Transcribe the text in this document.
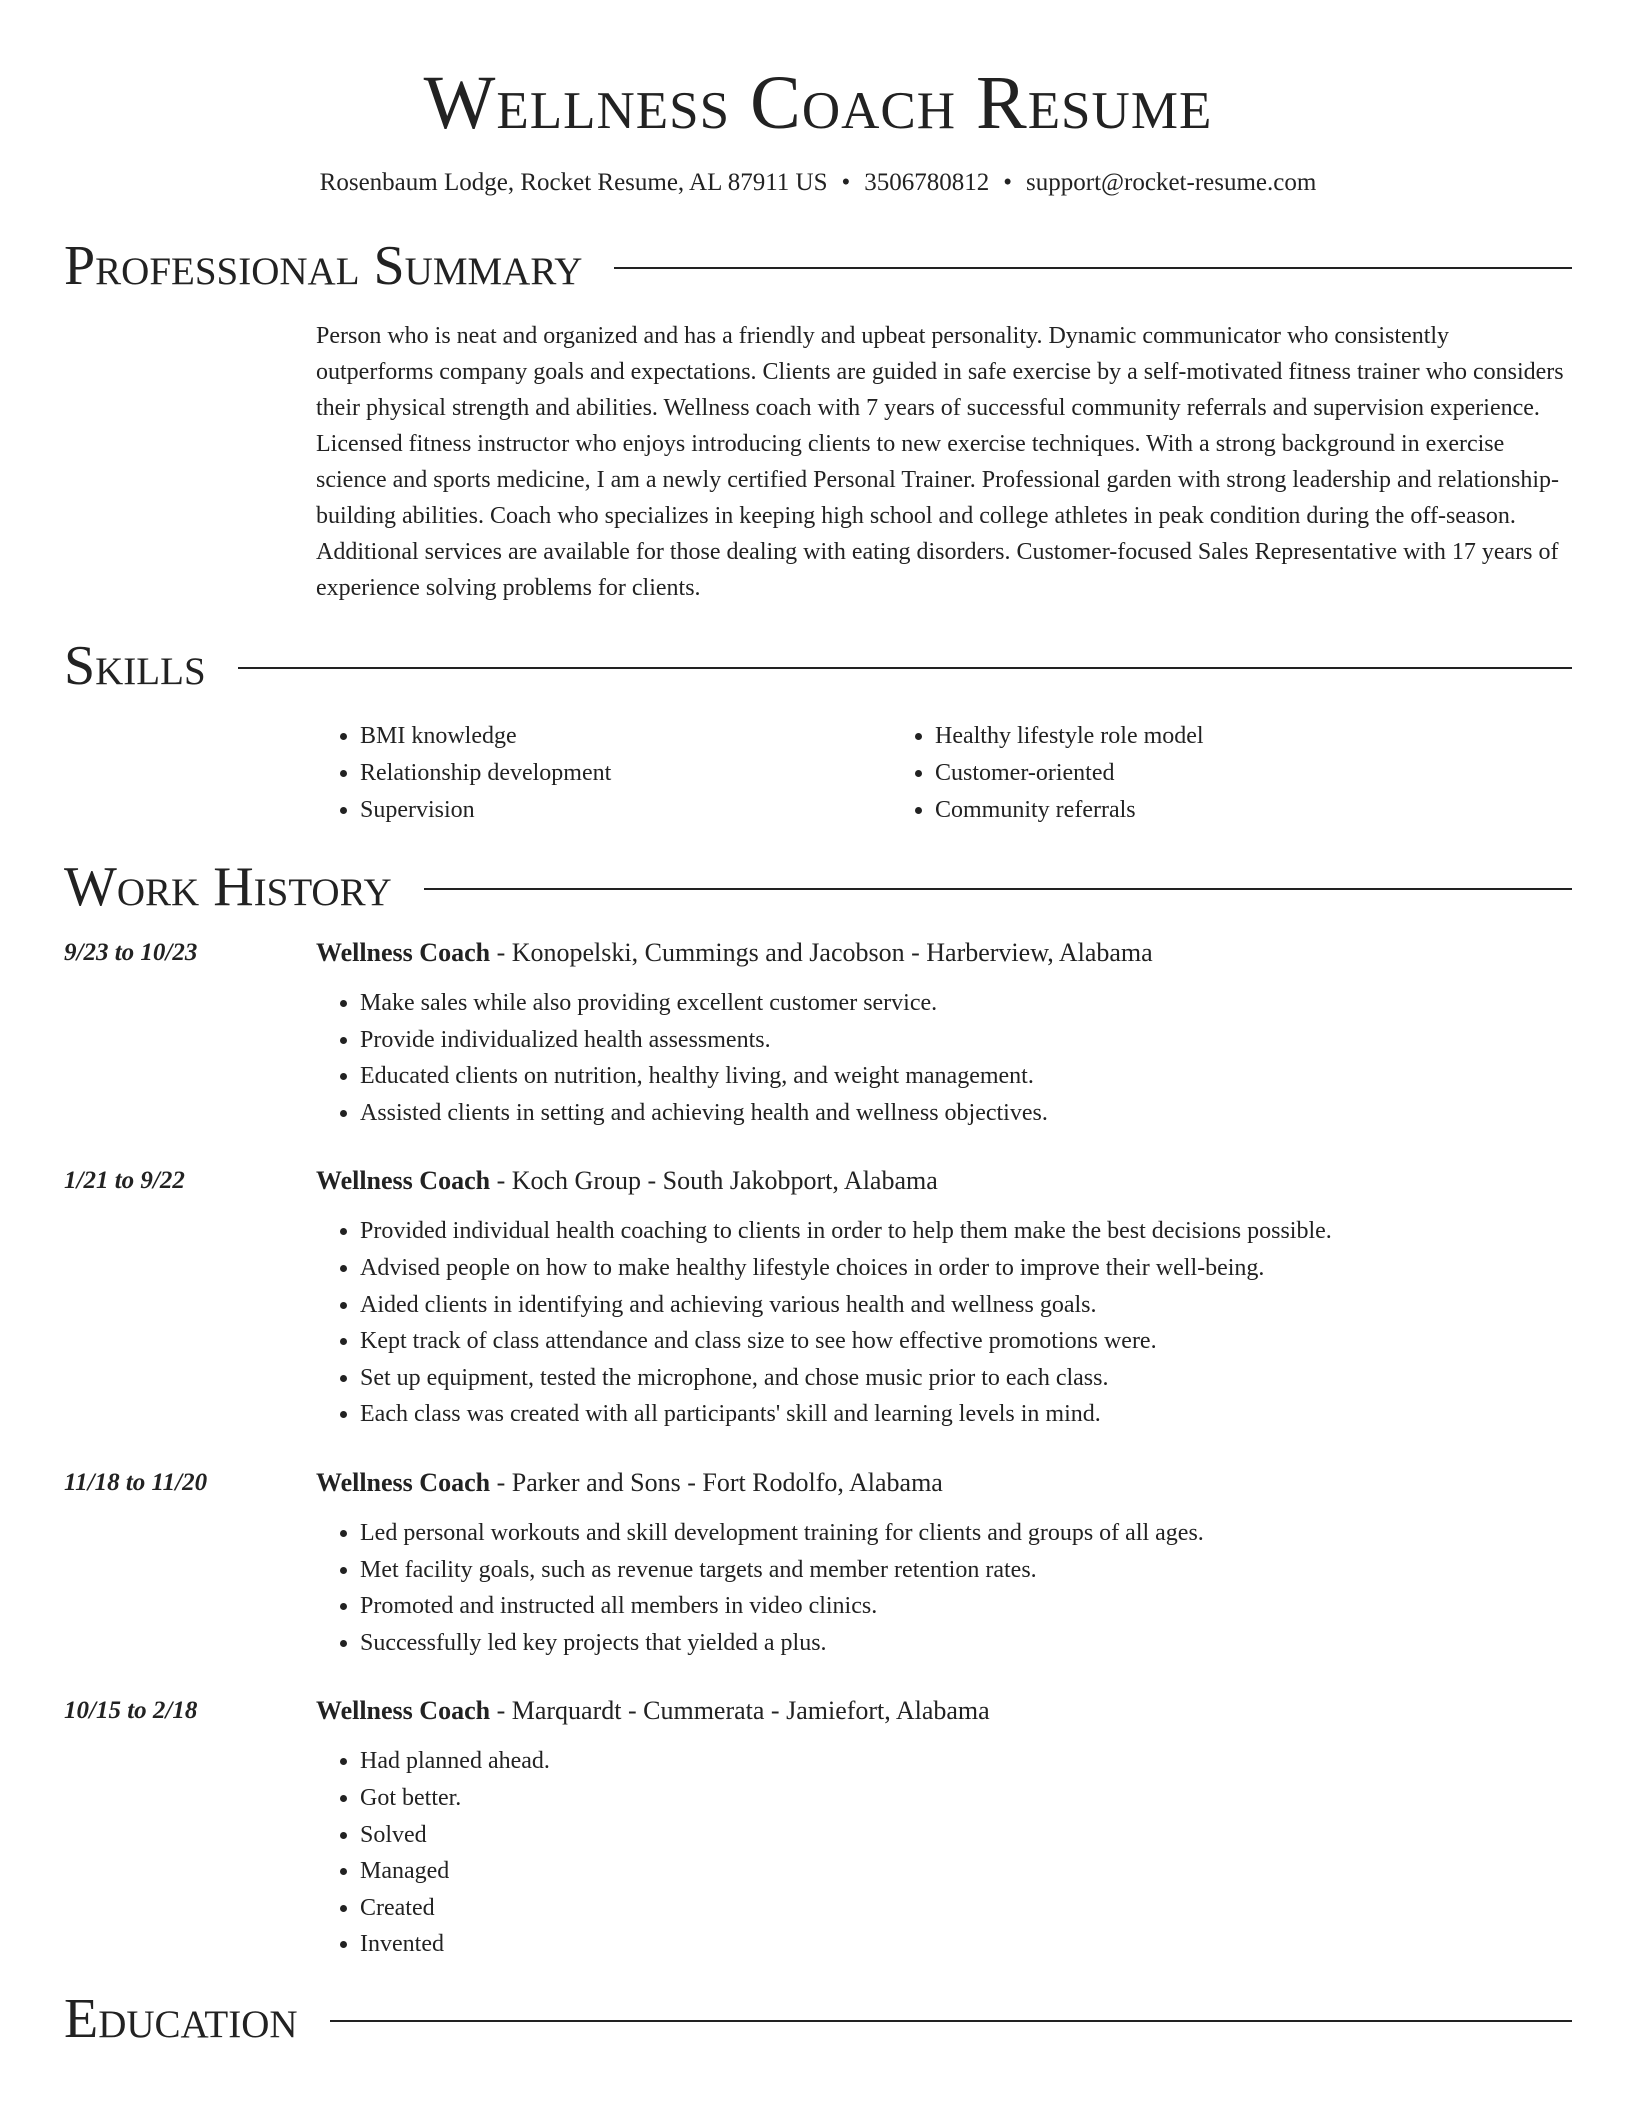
Wellness Coach Resume
Rosenbaum Lodge, Rocket Resume, AL 87911 US • 3506780812 • support@rocket-resume.com
Professional Summary
Person who is neat and organized and has a friendly and upbeat personality. Dynamic communicator who consistently outperforms company goals and expectations. Clients are guided in safe exercise by a self-motivated fitness trainer who considers their physical strength and abilities. Wellness coach with 7 years of successful community referrals and supervision experience. Licensed fitness instructor who enjoys introducing clients to new exercise techniques. With a strong background in exercise science and sports medicine, I am a newly certified Personal Trainer. Professional garden with strong leadership and relationship-building abilities. Coach who specializes in keeping high school and college athletes in peak condition during the off-season. Additional services are available for those dealing with eating disorders. Customer-focused Sales Representative with 17 years of experience solving problems for clients.
Skills
• BMI knowledge
• Relationship development
• Supervision
• Healthy lifestyle role model
• Customer-oriented
• Community referrals
Work History
9/23 to 10/23	Wellness Coach - Konopelski, Cummings and Jacobson - Harberview, Alabama
• Make sales while also providing excellent customer service.
• Provide individualized health assessments.
• Educated clients on nutrition, healthy living, and weight management.
• Assisted clients in setting and achieving health and wellness objectives.
1/21 to 9/22	Wellness Coach - Koch Group - South Jakobport, Alabama
• Provided individual health coaching to clients in order to help them make the best decisions possible.
• Advised people on how to make healthy lifestyle choices in order to improve their well-being.
• Aided clients in identifying and achieving various health and wellness goals.
• Kept track of class attendance and class size to see how effective promotions were.
• Set up equipment, tested the microphone, and chose music prior to each class.
• Each class was created with all participants' skill and learning levels in mind.
11/18 to 11/20	Wellness Coach - Parker and Sons - Fort Rodolfo, Alabama
• Led personal workouts and skill development training for clients and groups of all ages.
• Met facility goals, such as revenue targets and member retention rates.
• Promoted and instructed all members in video clinics.
• Successfully led key projects that yielded a plus.
10/15 to 2/18	Wellness Coach - Marquardt - Cummerata - Jamiefort, Alabama
• Had planned ahead.
• Got better.
• Solved
• Managed
• Created
• Invented
Education
